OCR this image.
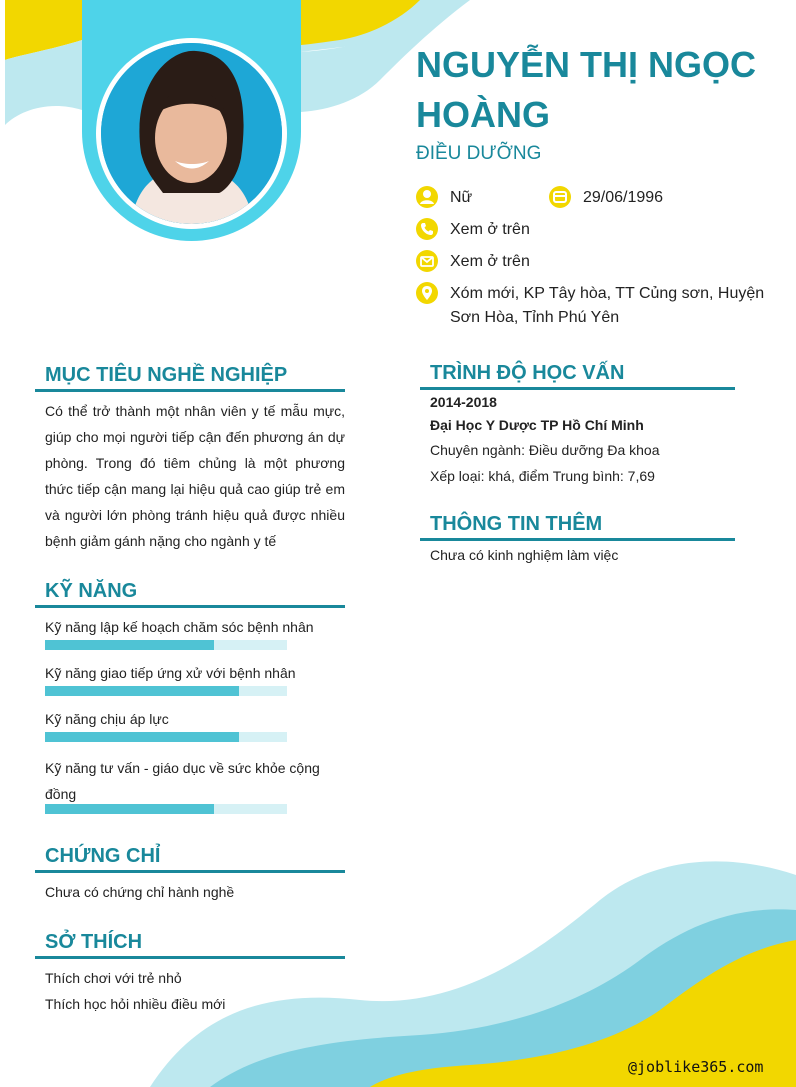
NGUYỄN THỊ NGỌC HOÀNG
ĐIỀU DƯỠNG
Nữ	29/06/1996
Xem ở trên
Xem ở trên
Xóm mới, KP Tây hòa, TT Củng sơn, Huyện Sơn Hòa, Tỉnh Phú Yên
MỤC TIÊU NGHỀ NGHIỆP
Có thể trở thành một nhân viên y tế mẫu mực, giúp cho mọi người tiếp cận đến phương án dự phòng. Trong đó tiêm chủng là một phương thức tiếp cận mang lại hiệu quả cao giúp trẻ em và người lớn phòng tránh hiệu quả được nhiều bệnh giảm gánh nặng cho ngành y tế
KỸ NĂNG
Kỹ năng lập kế hoạch chăm sóc bệnh nhân
Kỹ năng giao tiếp ứng xử với bệnh nhân
Kỹ năng chịu áp lực
Kỹ năng tư vấn - giáo dục về sức khỏe cộng đồng
CHỨNG CHỈ
Chưa có chứng chỉ hành nghề
SỞ THÍCH
Thích chơi với trẻ nhỏ
Thích học hỏi nhiều điều mới
TRÌNH ĐỘ HỌC VẤN
2014-2018
Đại Học Y Dược TP Hồ Chí Minh
Chuyên ngành: Điều dưỡng Đa khoa
Xếp loại: khá, điểm Trung bình: 7,69
THÔNG TIN THÊM
Chưa có kinh nghiệm làm việc
@joblike365.com
